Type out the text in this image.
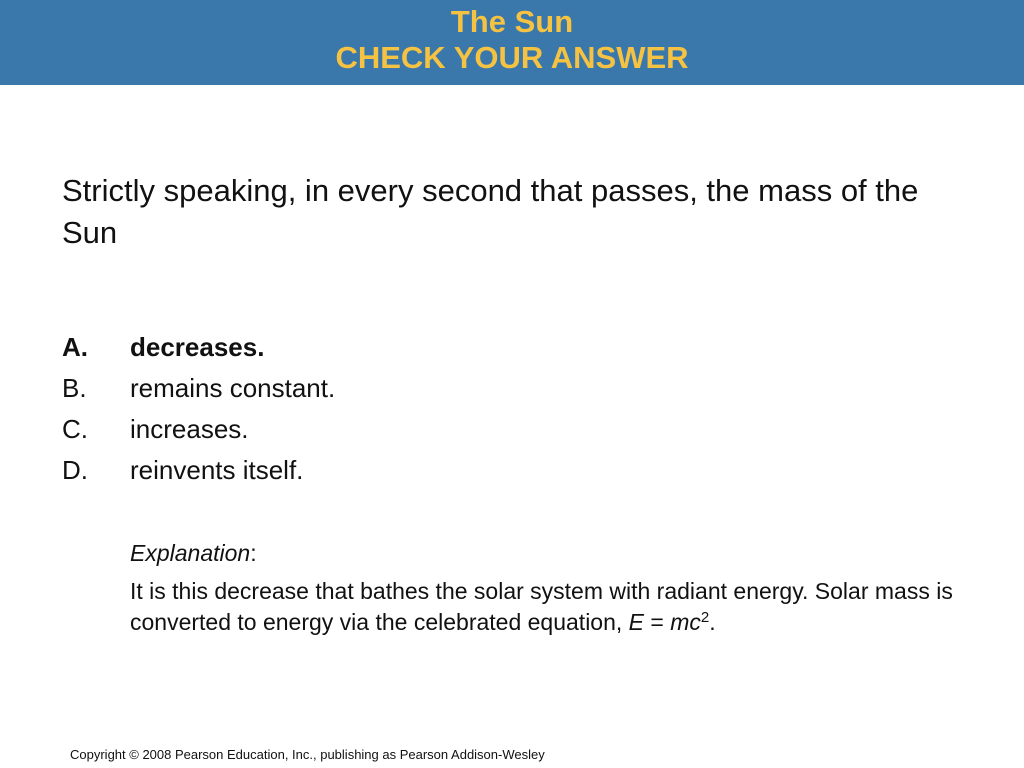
The Sun
CHECK YOUR ANSWER
Strictly speaking, in every second that passes, the mass of the Sun
A. decreases.
B. remains constant.
C. increases.
D. reinvents itself.
Explanation:
It is this decrease that bathes the solar system with radiant energy. Solar mass is converted to energy via the celebrated equation, $E = mc^2$.
Copyright © 2008 Pearson Education, Inc., publishing as Pearson Addison-Wesley
